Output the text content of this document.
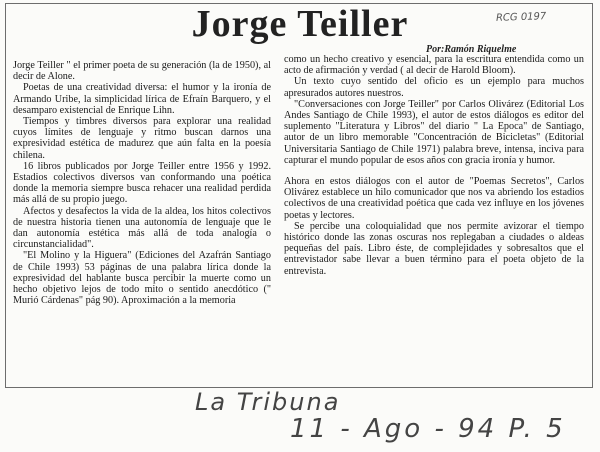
Jorge Teiller	RCG 0197
Por:Ramón Riquelme

Jorge Teiller " el primer poeta de su generación (la de 1950), al decir de Alone.

Poetas de una creatividad diversa: el humor y la ironía de Armando Uribe, la simplicidad lírica de Efraín Barquero, y el desamparo existencial de Enrique Lihn.

Tiempos y timbres diversos para explorar una realidad cuyos límites de lenguaje y ritmo buscan darnos una expresividad estética de madurez que aún falta en la poesía chilena.

16 libros publicados por Jorge Teiller entre 1956 y 1992. Estadios colectivos diversos van conformando una poética donde la memoria siempre busca rehacer una realidad perdida más allá de su propio juego.

Afectos y desafectos la vida de la aldea, los hitos colectivos de nuestra historia tienen una autonomía de lenguaje que le dan autonomía estética más allá de toda analogía o circunstancialidad".

"El Molino y la Higuera" (Ediciones del Azafrán Santiago de Chile 1993) 53 páginas de una palabra lírica donde la expresividad del hablante busca percibir la muerte como un hecho objetivo lejos de todo mito o sentido anecdótico (" Murió Cárdenas" pág 90). Aproximación a la memoria

como un hecho creativo y esencial, para la escritura entendida como un acto de afirmación y verdad ( al decir de Harold Bloom).

Un texto cuyo sentido del oficio es un ejemplo para muchos apresurados autores nuestros.

"Conversaciones con Jorge Teiller" por Carlos Olivárez (Editorial Los Andes Santiago de Chile 1993), el autor de estos diálogos es editor del suplemento "Literatura y Libros" del diario " La Epoca" de Santiago, autor de un libro memorable "Concentración de Bicicletas" (Editorial Universitaria Santiago de Chile 1971) palabra breve, intensa, inciva para capturar el mundo popular de esos años con gracia ironía y humor.

Ahora en estos diálogos con el autor de "Poemas Secretos", Carlos Olivárez establece un hilo comunicador que nos va abriendo los estadios colectivos de una creatividad poética que cada vez influye en los jóvenes poetas y lectores.

Se percibe una coloquialidad que nos permite avizorar el tiempo histórico donde las zonas oscuras nos replegaban a ciudades o aldeas pequeñas del país. Libro éste, de complejidades y sobresaltos que el entrevistador sabe llevar a buen término para el poeta objeto de la entrevista.

La Tribuna
11 - Ago - 94 P. 5
